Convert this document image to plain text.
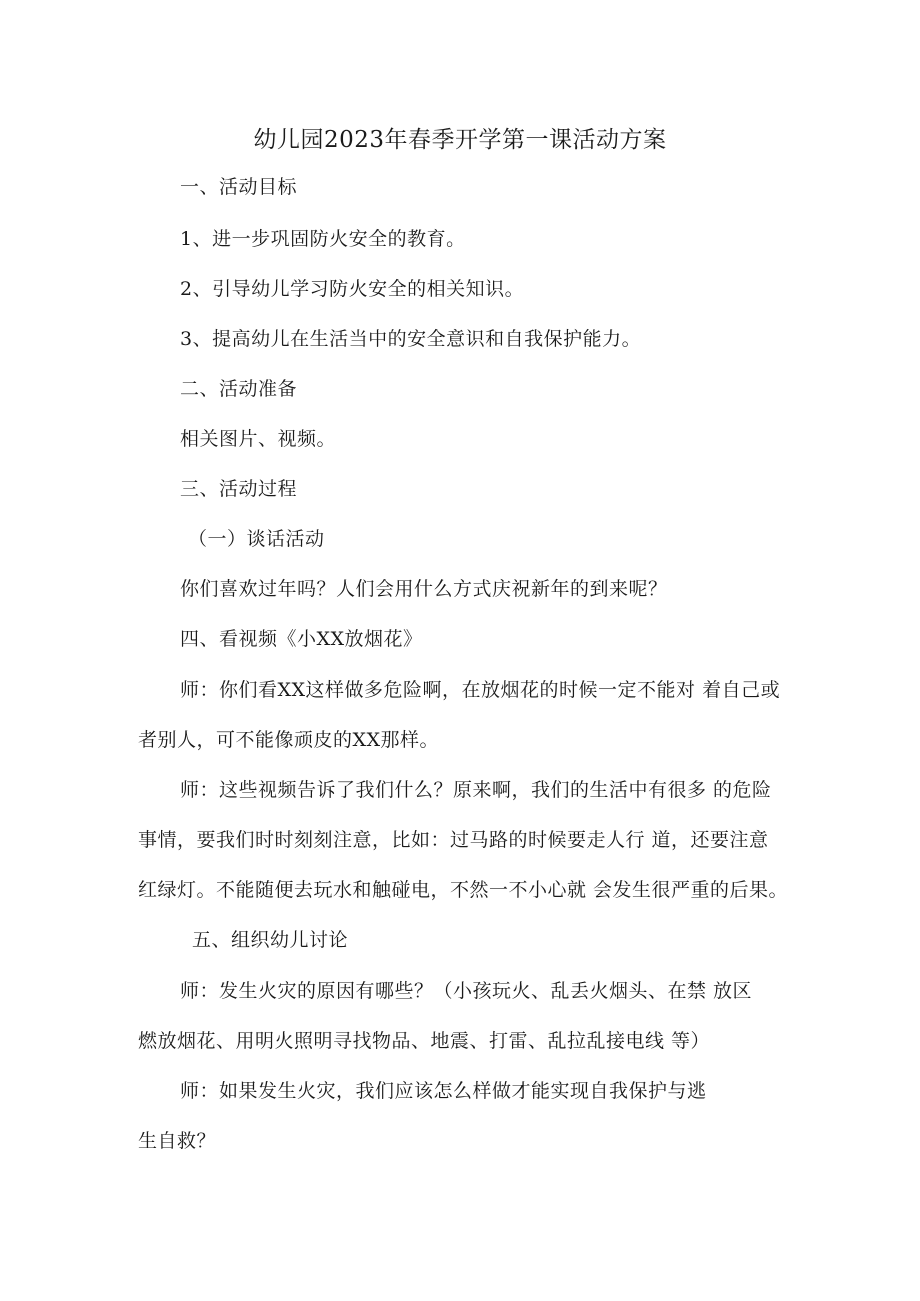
幼儿园2023年春季开学第一课活动方案
一、活动目标
1、进一步巩固防火安全的教育。
2、引导幼儿学习防火安全的相关知识。
3、提高幼儿在生活当中的安全意识和自我保护能力。
二、活动准备
相关图片、视频。
三、活动过程
（一）谈话活动
你们喜欢过年吗？人们会用什么方式庆祝新年的到来呢？
四、看视频《小XX放烟花》
师：你们看XX这样做多危险啊，在放烟花的时候一定不能对 着自己或
者别人，可不能像顽皮的XX那样。
师：这些视频告诉了我们什么？原来啊，我们的生活中有很多 的危险
事情，要我们时时刻刻注意，比如：过马路的时候要走人行 道，还要注意
红绿灯。不能随便去玩水和触碰电，不然一不小心就 会发生很严重的后果。
五、组织幼儿讨论
师：发生火灾的原因有哪些？（小孩玩火、乱丢火烟头、在禁 放区
燃放烟花、用明火照明寻找物品、地震、打雷、乱拉乱接电线 等）
师：如果发生火灾，我们应该怎么样做才能实现自我保护与逃
生自救？
